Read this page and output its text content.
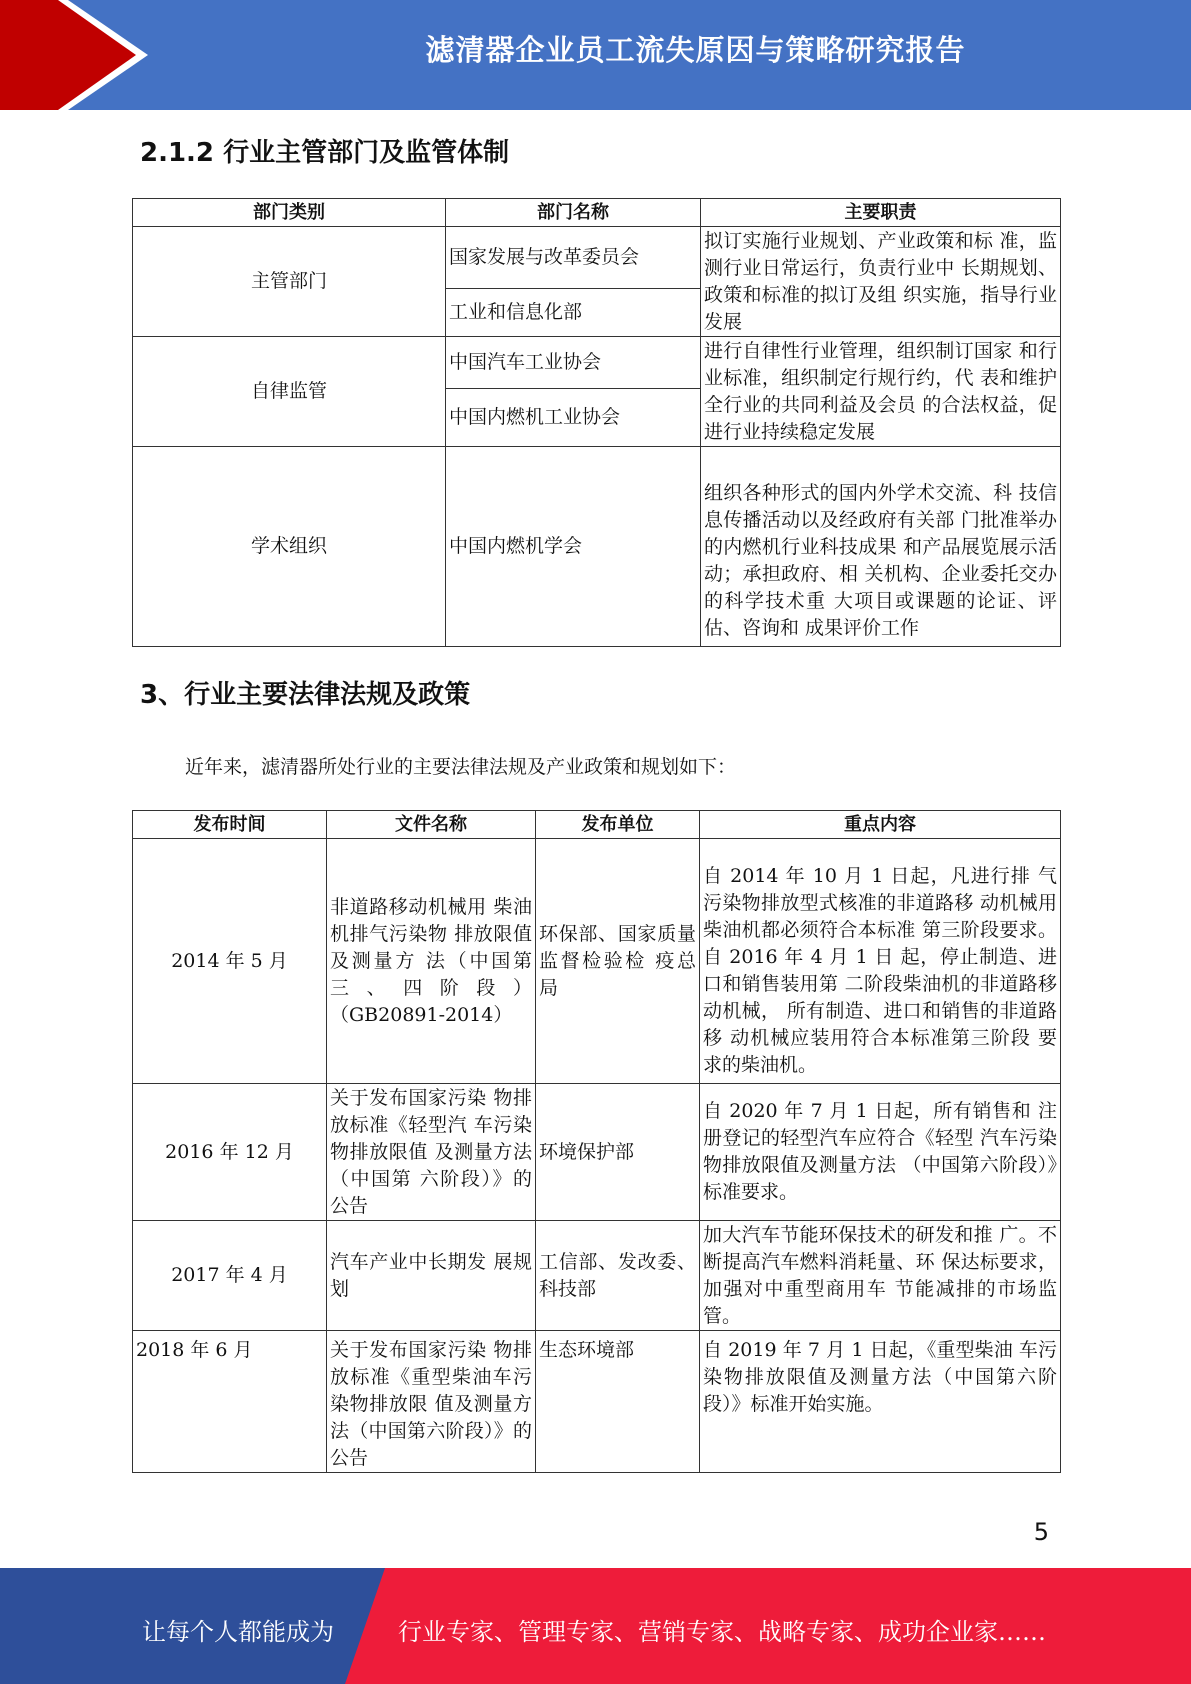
滤清器企业员工流失原因与策略研究报告
2.1.2 行业主管部门及监管体制
部门类别	部门名称	主要职责
主管部门	国家发展与改革委员会	拟订实施行业规划、产业政策和标 准，监测行业日常运行，负责行业中 长期规划、政策和标准的拟订及组 织实施，指导行业发展
	工业和信息化部	
自律监管	中国汽车工业协会	进行自律性行业管理，组织制订国家 和行业标准，组织制定行规行约，代 表和维护全行业的共同利益及会员 的合法权益，促进行业持续稳定发展
	中国内燃机工业协会	
学术组织	中国内燃机学会	组织各种形式的国内外学术交流、科 技信息传播活动以及经政府有关部 门批准举办的内燃机行业科技成果 和产品展览展示活动；承担政府、相 关机构、企业委托交办的科学技术重 大项目或课题的论证、评估、咨询和 成果评价工作
3、行业主要法律法规及政策
近年来，滤清器所处行业的主要法律法规及产业政策和规划如下：
发布时间	文件名称	发布单位	重点内容
2014 年 5 月	非道路移动机械用 柴油机排气污染物 排放限值及测量方 法（中国第三、四阶段）（GB20891-2014）	环保部、国家质量监督检验检 疫总局	自 2014 年 10 月 1 日起，凡进行排 气污染物排放型式核准的非道路移 动机械用柴油机都必须符合本标准 第三阶段要求。自 2016 年 4 月 1 日 起，停止制造、进口和销售装用第 二阶段柴油机的非道路移动机械， 所有制造、进口和销售的非道路移 动机械应装用符合本标准第三阶段 要求的柴油机。
2016 年 12 月	关于发布国家污染 物排放标准《轻型汽 车污染物排放限值 及测量方法（中国第 六阶段）》的公告	环境保护部	自 2020 年 7 月 1 日起，所有销售和 注册登记的轻型汽车应符合《轻型 汽车污染物排放限值及测量方法 （中国第六阶段）》标准要求。
2017 年 4 月	汽车产业中长期发 展规划	工信部、发改委、科技部	加大汽车节能环保技术的研发和推 广。不断提高汽车燃料消耗量、环 保达标要求，加强对中重型商用车 节能减排的市场监管。
2018 年 6 月	关于发布国家污染 物排放标准《重型柴油车污染物排放限 值及测量方法（中国第六阶段）》的公告	生态环境部	自 2019 年 7 月 1 日起，《重型柴油 车污染物排放限值及测量方法（中国第六阶段）》标准开始实施。
5
让每个人都能成为	行业专家、管理专家、营销专家、战略专家、成功企业家……
